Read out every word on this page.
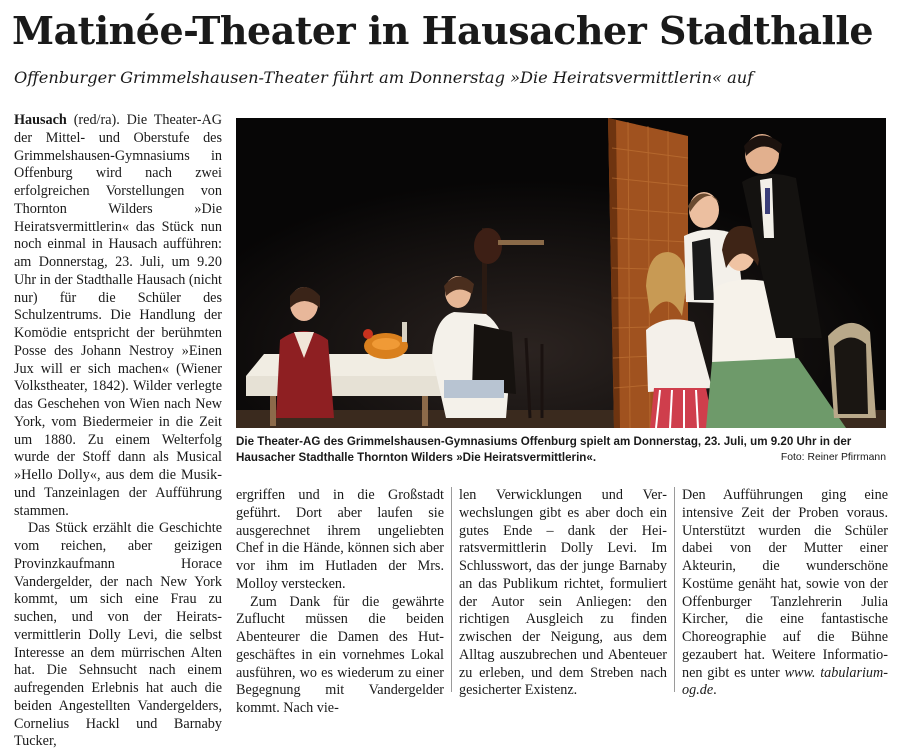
Matinée-Theater in Hausacher Stadthalle
Offenburger Grimmelshausen-Theater führt am Donnerstag »Die Heiratsvermittlerin« auf

Hausach (red/ra). Die Theater-AG der Mittel- und Oberstufe des Grimmelshausen-Gymnasiums in Offenburg wird nach zwei erfolgreichen Vorstellungen von Thornton Wilders »Die Heiratsvermittlerin« das Stück nun noch einmal in Hausach aufführen: am Donnerstag, 23. Juli, um 9.20 Uhr in der Stadthalle Hausach (nicht nur) für die Schüler des Schulzentrums. Die Handlung der Komödie entspricht der berühmten Posse des Johann Nestroy »Einen Jux will er sich machen« (Wiener Volkstheater, 1842). Wilder verlegte das Geschehen von Wien nach New York, vom Biedermeier in die Zeit um 1880. Zu einem Welterfolg wurde der Stoff dann als Musical »Hello Dolly«, aus dem die Musik- und Tanzeinlagen der Aufführung stammen.

Das Stück erzählt die Geschichte vom reichen, aber geizigen Provinzkaufmann Horace Vandergelder, der nach New York kommt, um sich eine Frau zu suchen, und von der Heiratsvermittlerin Dolly Levi, die selbst Interesse an dem mürrischen Alten hat. Die Sehnsucht nach einem aufregenden Erlebnis hat auch die beiden Angestellten Vandergelders, Cornelius Hackl und Barnaby Tucker,

Die Theater-AG des Grimmelshausen-Gymnasiums Offenburg spielt am Donnerstag, 23. Juli, um 9.20 Uhr in der Hausacher Stadthalle Thornton Wilders »Die Heiratsvermittlerin«.	Foto: Reiner Pfirrmann

ergriffen und in die Großstadt geführt. Dort aber laufen sie ausgerechnet ihrem ungeliebten Chef in die Hände, können sich aber vor ihm im Hutladen der Mrs. Molloy verstecken.

Zum Dank für die gewährte Zuflucht müssen die beiden Abenteurer die Damen des Hutgeschäftes in ein vornehmes Lokal ausführen, wo es wiederum zu einer Begegnung mit Vandergelder kommt. Nach vie-

len Verwicklungen und Verwechslungen gibt es aber doch ein gutes Ende – dank der Heiratsvermittlerin Dolly Levi. Im Schlusswort, das der junge Barnaby an das Publikum richtet, formuliert der Autor sein Anliegen: den richtigen Ausgleich zu finden zwischen der Neigung, aus dem Alltag auszubrechen und Abenteuer zu erleben, und dem Streben nach gesicherter Existenz.

Den Aufführungen ging eine intensive Zeit der Proben voraus. Unterstützt wurden die Schüler dabei von der Mutter einer Akteurin, die wunderschöne Kostüme genäht hat, sowie von der Offenburger Tanzlehrerin Julia Kircher, die eine fantastische Choreographie auf die Bühne gezaubert hat. Weitere Informationen gibt es unter www. tabularium-og.de.
